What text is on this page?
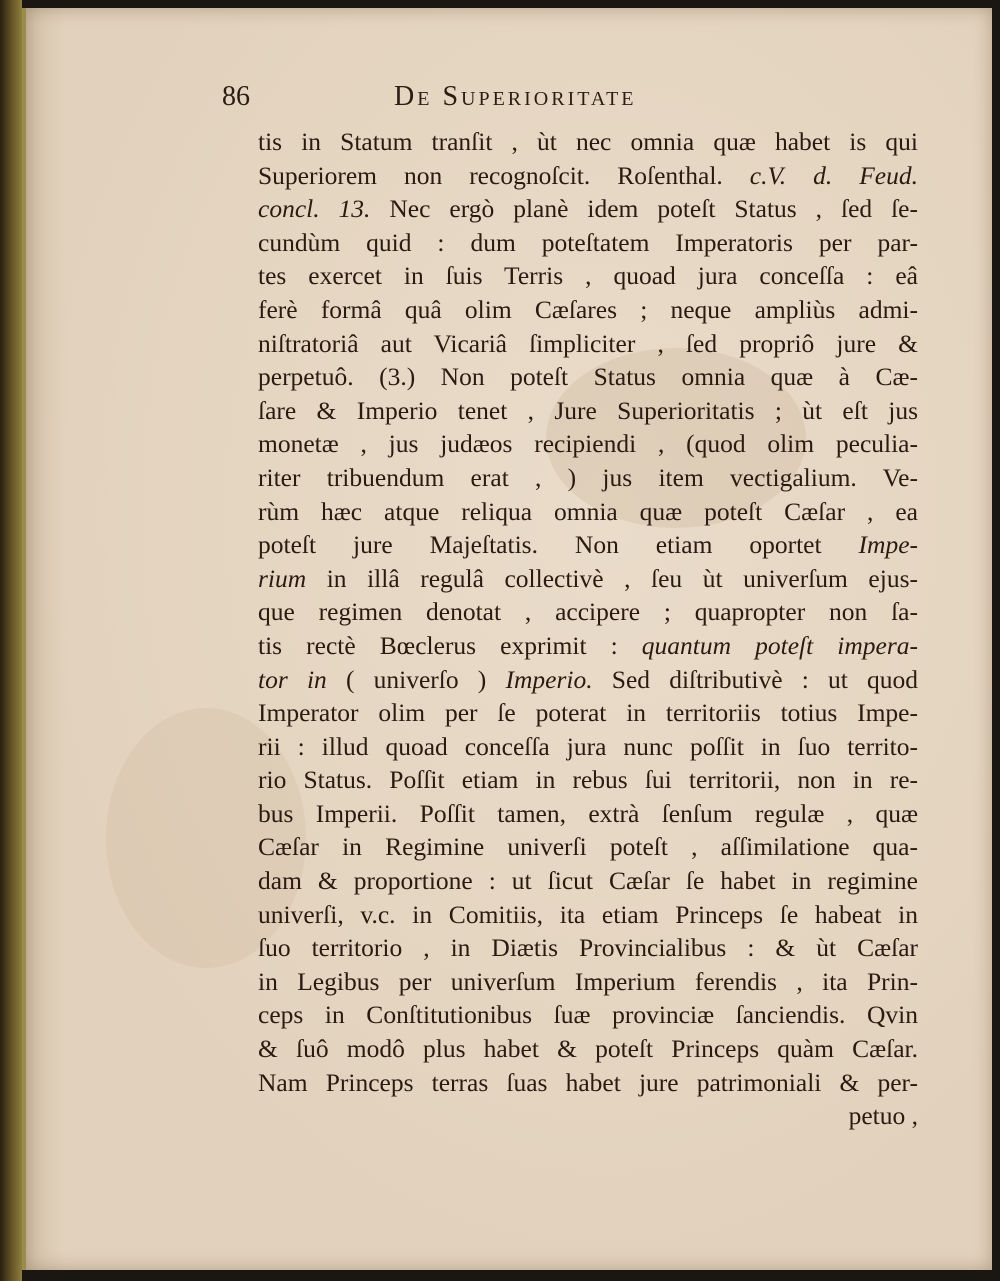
86	De Superioritate
tis in Statum tranſit , ùt nec omnia quæ habet is qui
Superiorem non recognoſcit. Roſenthal. c.V. d. Feud.
concl. 13. Nec ergò planè idem poteſt Status , ſed ſe-
cundùm quid : dum poteſtatem Imperatoris per par-
tes exercet in ſuis Terris , quoad jura conceſſa : eâ
ferè formâ quâ olim Cæſares ; neque ampliùs admi-
niſtratoriâ aut Vicariâ ſimpliciter , ſed propriô jure &
perpetuô. (3.) Non poteſt Status omnia quæ à Cæ-
ſare & Imperio tenet , Jure Superioritatis ; ùt eſt jus
monetæ , jus judæos recipiendi , (quod olim peculia-
riter tribuendum erat , ) jus item vectigalium. Ve-
rùm hæc atque reliqua omnia quæ poteſt Cæſar , ea
poteſt jure Majeſtatis. Non etiam oportet Impe-
rium in illâ regulâ collectivè , ſeu ùt univerſum ejus-
que regimen denotat , accipere ; quapropter non ſa-
tis rectè Bœclerus exprimit : quantum poteſt impera-
tor in ( univerſo ) Imperio. Sed diſtributivè : ut quod
Imperator olim per ſe poterat in territoriis totius Impe-
rii : illud quoad conceſſa jura nunc poſſit in ſuo territo-
rio Status. Poſſit etiam in rebus ſui territorii, non in re-
bus Imperii. Poſſit tamen, extrà ſenſum regulæ , quæ
Cæſar in Regimine univerſi poteſt , aſſimilatione qua-
dam & proportione : ut ſicut Cæſar ſe habet in regimine
univerſi, v.c. in Comitiis, ita etiam Princeps ſe habeat in
ſuo territorio , in Diætis Provincialibus : & ùt Cæſar
in Legibus per univerſum Imperium ferendis , ita Prin-
ceps in Conſtitutionibus ſuæ provinciæ ſanciendis. Qvin
& ſuô modô plus habet & poteſt Princeps quàm Cæſar.
Nam Princeps terras ſuas habet jure patrimoniali & per-
petuo ,
